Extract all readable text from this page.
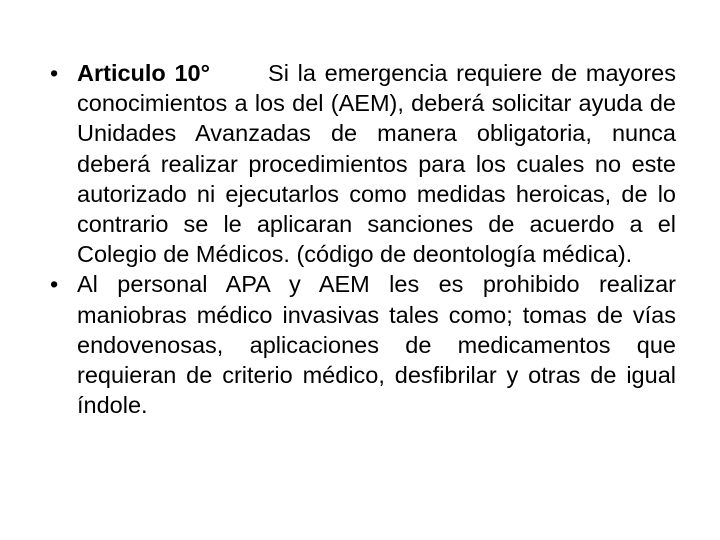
• Articulo 10° Si la emergencia requiere de mayores conocimientos a los del (AEM), deberá solicitar ayuda de Unidades Avanzadas de manera obligatoria, nunca deberá realizar procedimientos para los cuales no este autorizado ni ejecutarlos como medidas heroicas, de lo contrario se le aplicaran sanciones de acuerdo a el Colegio de Médicos. (código de deontología médica).
• Al personal APA y AEM les es prohibido realizar maniobras médico invasivas tales como; tomas de vías endovenosas, aplicaciones de medicamentos que requieran de criterio médico, desfibrilar y otras de igual índole.
